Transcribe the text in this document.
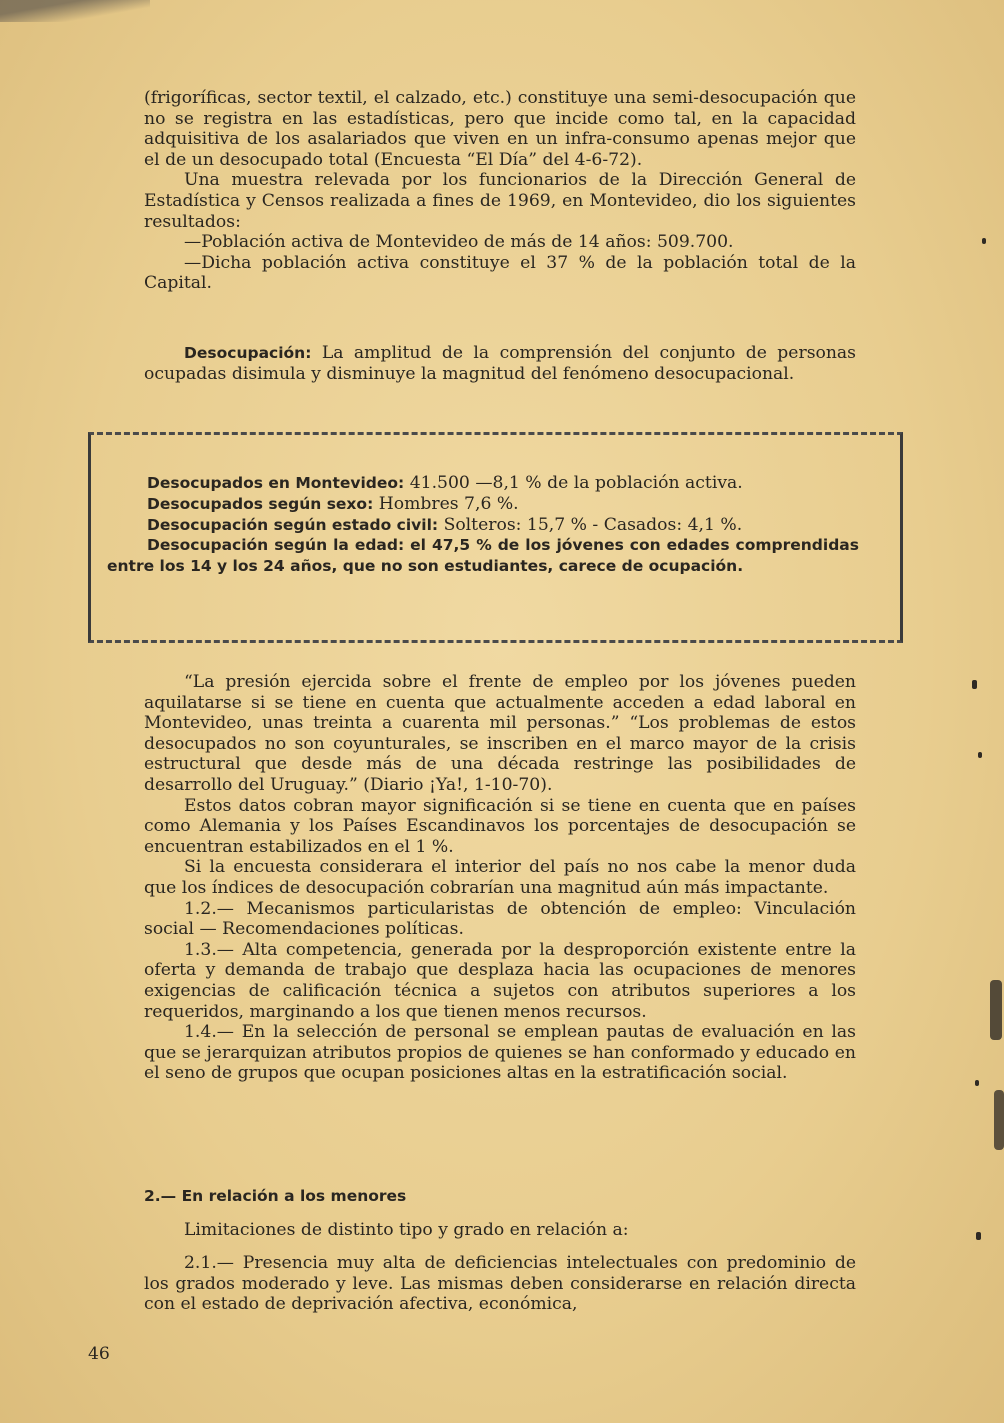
(frigoríficas, sector textil, el calzado, etc.) constituye una semi-desocupación que no se registra en las estadísticas, pero que incide como tal, en la capacidad adquisitiva de los asalariados que viven en un infra-consumo apenas mejor que el de un desocupado total (Encuesta “El Día” del 4-6-72).

Una muestra relevada por los funcionarios de la Dirección General de Estadística y Censos realizada a fines de 1969, en Montevideo, dio los siguientes resultados:

—Población activa de Montevideo de más de 14 años: 509.700.

—Dicha población activa constituye el 37 % de la población total de la Capital.

Desocupación: La amplitud de la comprensión del conjunto de personas ocupadas disimula y disminuye la magnitud del fenómeno desocupacional.

Desocupados en Montevideo: 41.500 —8,1 % de la población activa.

Desocupados según sexo: Hombres 7,6 %.

Desocupación según estado civil: Solteros: 15,7 % - Casados: 4,1 %.

Desocupación según la edad: el 47,5 % de los jóvenes con edades comprendidas entre los 14 y los 24 años, que no son estudiantes, carece de ocupación.

“La presión ejercida sobre el frente de empleo por los jóvenes pueden aquilatarse si se tiene en cuenta que actualmente acceden a edad laboral en Montevideo, unas treinta a cuarenta mil personas.” “Los problemas de estos desocupados no son coyunturales, se inscriben en el marco mayor de la crisis estructural que desde más de una década restringe las posibilidades de desarrollo del Uruguay.” (Diario ¡Ya!, 1-10-70).

Estos datos cobran mayor significación si se tiene en cuenta que en países como Alemania y los Países Escandinavos los porcentajes de desocupación se encuentran estabilizados en el 1 %.

Si la encuesta considerara el interior del país no nos cabe la menor duda que los índices de desocupación cobrarían una magnitud aún más impactante.

1.2.— Mecanismos particularistas de obtención de empleo: Vinculación social — Recomendaciones políticas.

1.3.— Alta competencia, generada por la desproporción existente entre la oferta y demanda de trabajo que desplaza hacia las ocupaciones de menores exigencias de calificación técnica a sujetos con atributos superiores a los requeridos, marginando a los que tienen menos recursos.

1.4.— En la selección de personal se emplean pautas de evaluación en las que se jerarquizan atributos propios de quienes se han conformado y educado en el seno de grupos que ocupan posiciones altas en la estratificación social.

2.— En relación a los menores

Limitaciones de distinto tipo y grado en relación a:

2.1.— Presencia muy alta de deficiencias intelectuales con predominio de los grados moderado y leve. Las mismas deben considerarse en relación directa con el estado de deprivación afectiva, económica,

46
